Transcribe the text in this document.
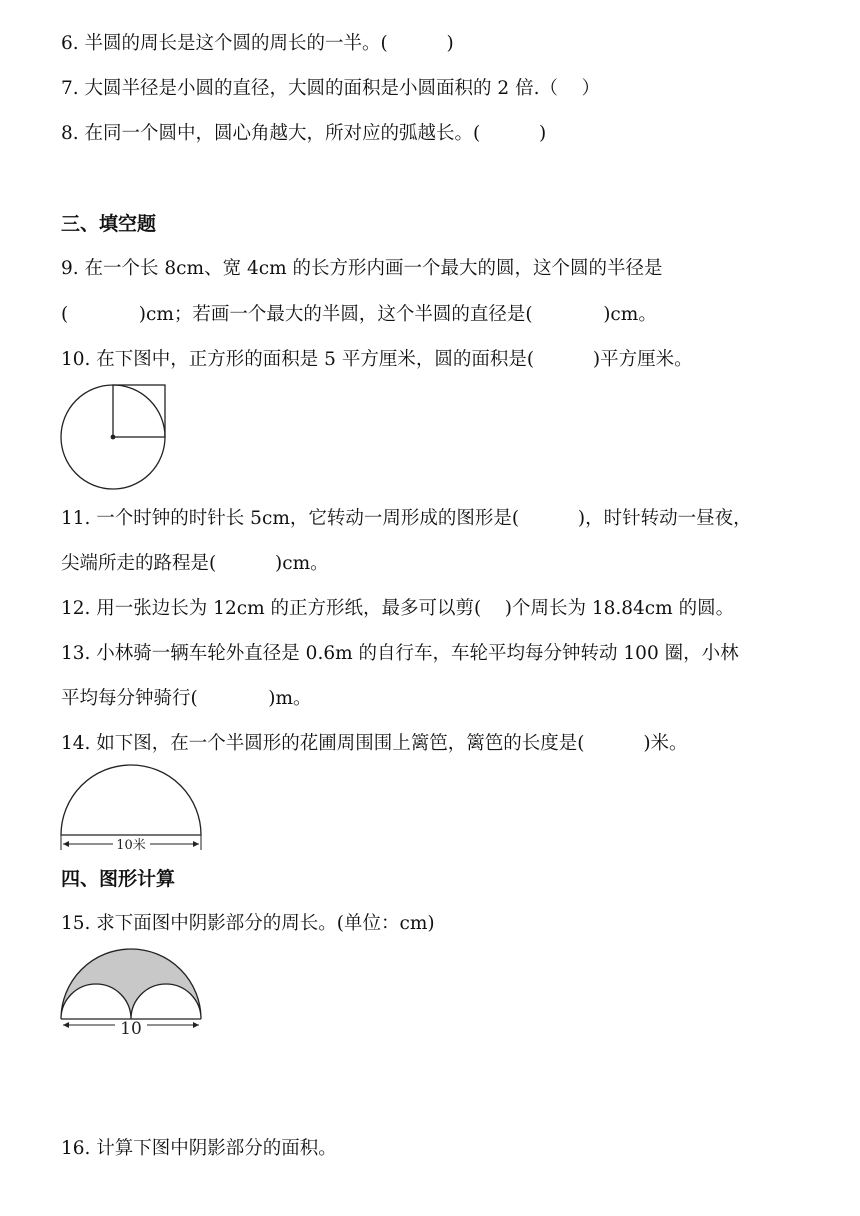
6. 半圆的周长是这个圆的周长的一半。(          )
7. 大圆半径是小圆的直径，大圆的面积是小圆面积的 2 倍.（    ）
8. 在同一个圆中，圆心角越大，所对应的弧越长。(          )
三、填空题
9. 在一个长 8cm、宽 4cm 的长方形内画一个最大的圆，这个圆的半径是
(            )cm；若画一个最大的半圆，这个半圆的直径是(            )cm。
10. 在下图中，正方形的面积是 5 平方厘米，圆的面积是(          )平方厘米。
11. 一个时钟的时针长 5cm，它转动一周形成的图形是(          )，时针转动一昼夜，
尖端所走的路程是(          )cm。
12. 用一张边长为 12cm 的正方形纸，最多可以剪(    )个周长为 18.84cm 的圆。
13. 小林骑一辆车轮外直径是 0.6m 的自行车，车轮平均每分钟转动 100 圈，小林
平均每分钟骑行(            )m。
14. 如下图，在一个半圆形的花圃周围围上篱笆，篱笆的长度是(          )米。
10米
四、图形计算
15. 求下面图中阴影部分的周长。(单位：cm)
10
16. 计算下图中阴影部分的面积。
